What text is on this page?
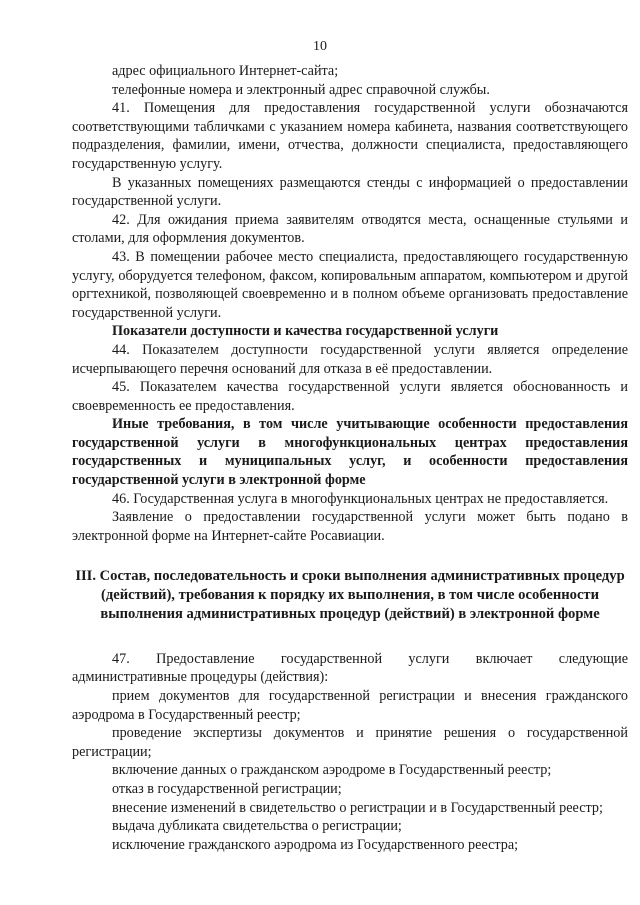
10

адрес официального Интернет-сайта;

телефонные номера и электронный адрес справочной службы.

41. Помещения для предоставления государственной услуги обозначаются соответствующими табличками с указанием номера кабинета, названия соответствующего подразделения, фамилии, имени, отчества, должности специалиста, предоставляющего государственную услугу.

В указанных помещениях размещаются стенды с информацией о предоставлении государственной услуги.

42. Для ожидания приема заявителям отводятся места, оснащенные стульями и столами, для оформления документов.

43. В помещении рабочее место специалиста, предоставляющего государственную услугу, оборудуется телефоном, факсом, копировальным аппаратом, компьютером и другой оргтехникой, позволяющей своевременно и в полном объеме организовать предоставление государственной услуги.

Показатели доступности и качества государственной услуги

44. Показателем доступности государственной услуги является определение исчерпывающего перечня оснований для отказа в её предоставлении.

45. Показателем качества государственной услуги является обоснованность и своевременность ее предоставления.

Иные требования, в том числе учитывающие особенности предоставления государственной услуги в многофункциональных центрах предоставления государственных и муниципальных услуг, и особенности предоставления государственной услуги в электронной форме

46. Государственная услуга в многофункциональных центрах не предоставляется.

Заявление о предоставлении государственной услуги может быть подано в электронной форме на Интернет-сайте Росавиации.

III. Состав, последовательность и сроки выполнения административных процедур (действий), требования к порядку их выполнения, в том числе особенности выполнения административных процедур (действий) в электронной форме

47. Предоставление государственной услуги включает следующие административные процедуры (действия):

прием документов для государственной регистрации и внесения гражданского аэродрома в Государственный реестр;

проведение экспертизы документов и принятие решения о государственной регистрации;

включение данных о гражданском аэродроме в Государственный реестр;

отказ в государственной регистрации;

внесение изменений в свидетельство о регистрации и в Государственный реестр;

выдача дубликата свидетельства о регистрации;

исключение гражданского аэродрома из Государственного реестра;
